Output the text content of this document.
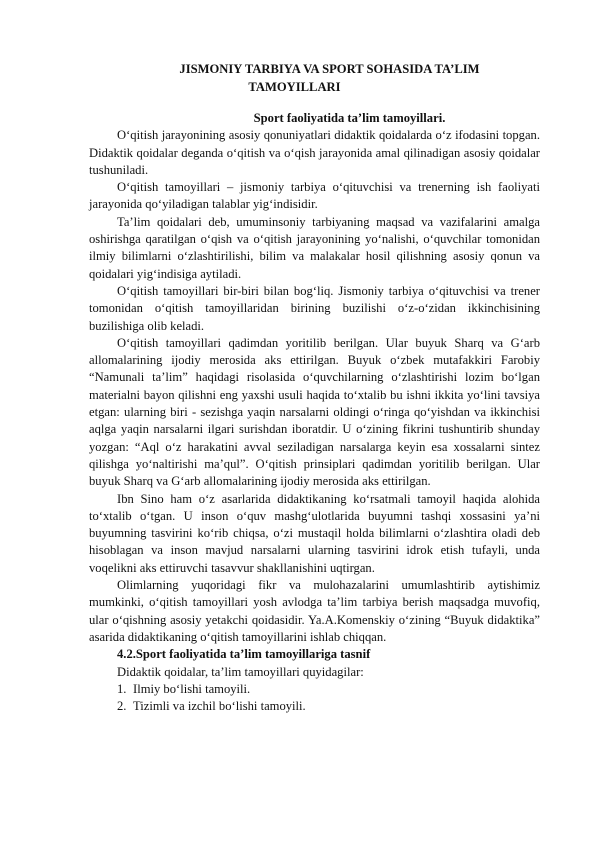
JISMONIY TARBIYA VA SPORT SOHASIDA TA’LIM
TAMOYILLARI

Sport faoliyatida ta’lim tamoyillari.

O‘qitish jarayonining asosiy qonuniyatlari didaktik qoidalarda o‘z ifodasini topgan. Didaktik qoidalar deganda o‘qitish va o‘qish jarayonida amal qilinadigan asosiy qoidalar tushuniladi.

O‘qitish tamoyillari – jismoniy tarbiya o‘qituvchisi va trenerning ish faoliyati jarayonida qo‘yiladigan talablar yig‘indisidir.

Ta’lim qoidalari deb, umuminsoniy tarbiyaning maqsad va vazifalarini amalga oshirishga qaratilgan o‘qish va o‘qitish jarayonining yo‘nalishi, o‘quvchilar tomonidan ilmiy bilimlarni o‘zlashtirilishi, bilim va malakalar hosil qilishning asosiy qonun va qoidalari yig‘indisiga aytiladi.

O‘qitish tamoyillari bir-biri bilan bog‘liq. Jismoniy tarbiya o‘qituvchisi va trener tomonidan o‘qitish tamoyillaridan birining buzilishi o‘z-o‘zidan ikkinchisining buzilishiga olib keladi.

O‘qitish tamoyillari qadimdan yoritilib berilgan. Ular buyuk Sharq va G‘arb allomalarining ijodiy merosida aks ettirilgan. Buyuk o‘zbek mutafakkiri Farobiy “Namunali ta’lim” haqidagi risolasida o‘quvchilarning o‘zlashtirishi lozim bo‘lgan materialni bayon qilishni eng yaxshi usuli haqida to‘xtalib bu ishni ikkita yo‘lini tavsiya etgan: ularning biri - sezishga yaqin narsalarni oldingi o‘ringa qo‘yishdan va ikkinchisi aqlga yaqin narsalarni ilgari surishdan iboratdir. U o‘zining fikrini tushuntirib shunday yozgan: “Aql o‘z harakatini avval seziladigan narsalarga keyin esa xossalarni sintez qilishga yo‘naltirishi ma’qul”. O‘qitish prinsiplari qadimdan yoritilib berilgan. Ular buyuk Sharq va G‘arb allomalarining ijodiy merosida aks ettirilgan.

Ibn Sino ham o‘z asarlarida didaktikaning ko‘rsatmali tamoyil haqida alohida to‘xtalib o‘tgan. U inson o‘quv mashg‘ulotlarida buyumni tashqi xossasini ya’ni buyumning tasvirini ko‘rib chiqsa, o‘zi mustaqil holda bilimlarni o‘zlashtira oladi deb hisoblagan va inson mavjud narsalarni ularning tasvirini idrok etish tufayli, unda voqelikni aks ettiruvchi tasavvur shakllanishini uqtirgan.

Olimlarning yuqoridagi fikr va mulohazalarini umumlashtirib aytishimiz mumkinki, o‘qitish tamoyillari yosh avlodga ta’lim tarbiya berish maqsadga muvofiq, ular o‘qishning asosiy yetakchi qoidasidir. Ya.A.Komenskiy o‘zining “Buyuk didaktika” asarida didaktikaning o‘qitish tamoyillarini ishlab chiqqan.

4.2.Sport faoliyatida ta’lim tamoyillariga tasnif

Didaktik qoidalar, ta’lim tamoyillari quyidagilar:

1. Ilmiy bo‘lishi tamoyili.
2. Tizimli va izchil bo‘lishi tamoyili.
